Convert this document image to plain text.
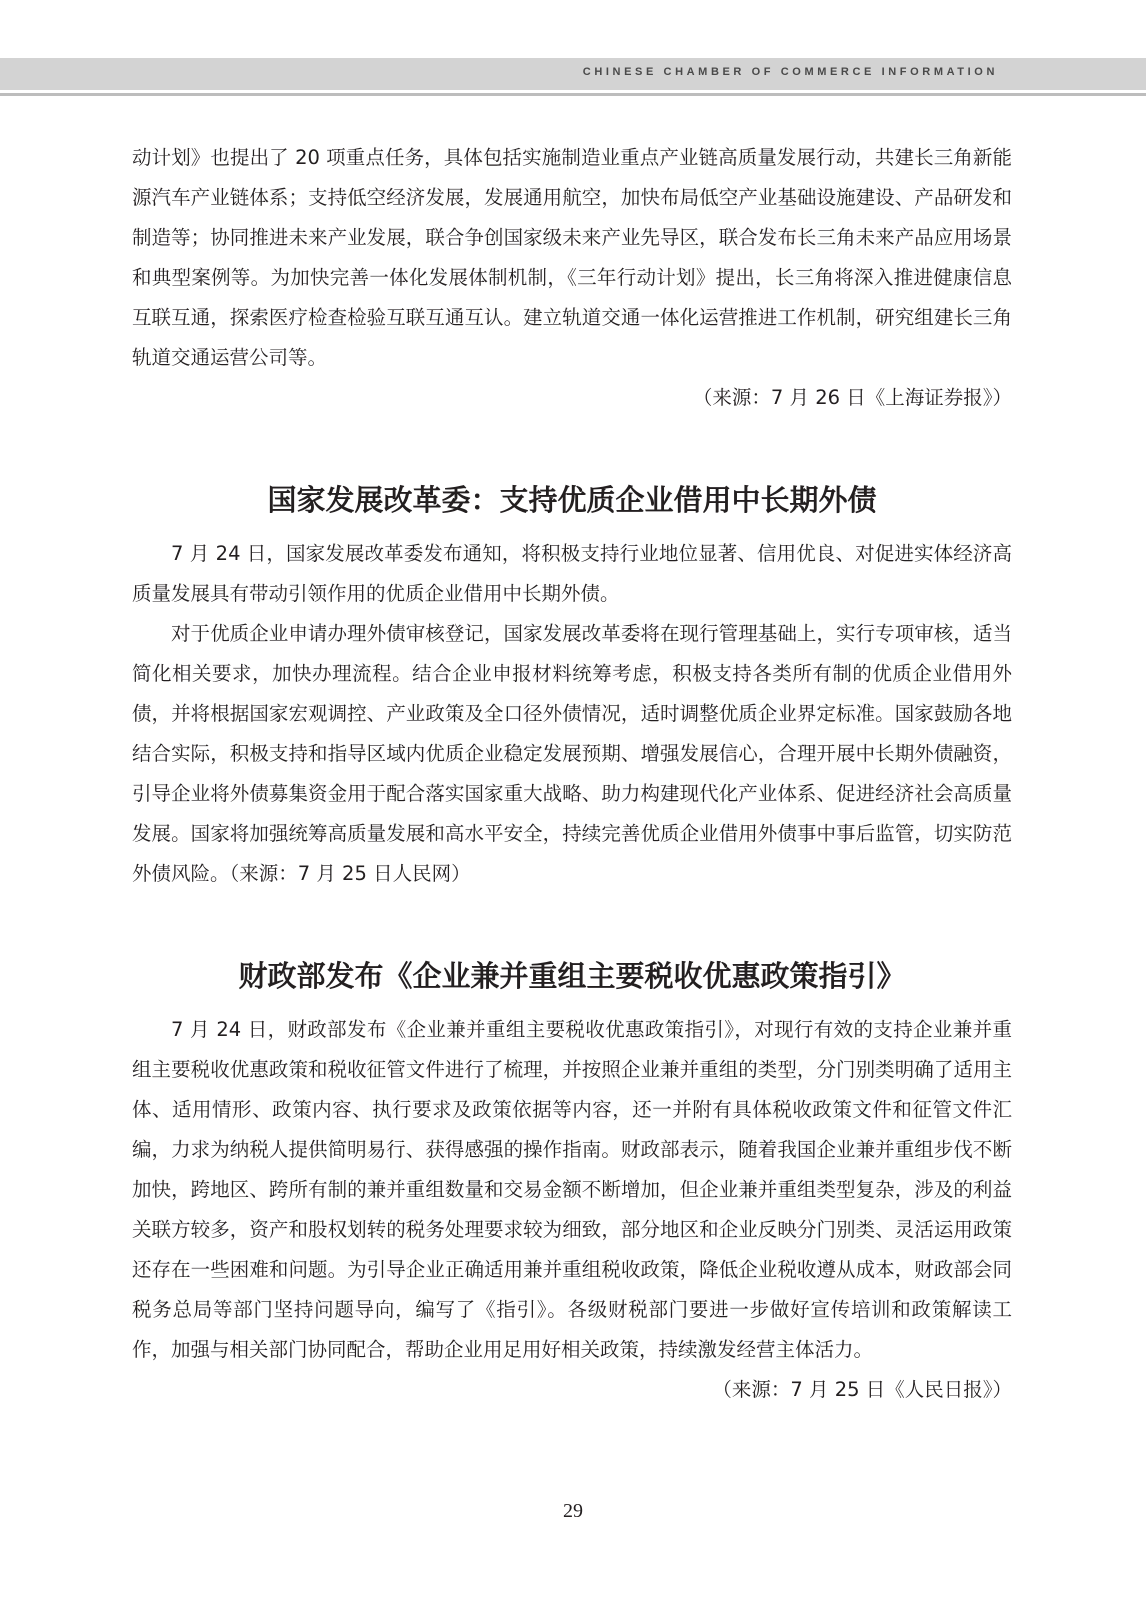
CHINESE CHAMBER OF COMMERCE INFORMATION

动计划》也提出了 20 项重点任务，具体包括实施制造业重点产业链高质量发展行动，共建长三角新能源汽车产业链体系；支持低空经济发展，发展通用航空，加快布局低空产业基础设施建设、产品研发和制造等；协同推进未来产业发展，联合争创国家级未来产业先导区，联合发布长三角未来产品应用场景和典型案例等。为加快完善一体化发展体制机制，《三年行动计划》提出，长三角将深入推进健康信息互联互通，探索医疗检查检验互联互通互认。建立轨道交通一体化运营推进工作机制，研究组建长三角轨道交通运营公司等。

（来源：7 月 26 日《上海证券报》）

国家发展改革委：支持优质企业借用中长期外债

7 月 24 日，国家发展改革委发布通知，将积极支持行业地位显著、信用优良、对促进实体经济高质量发展具有带动引领作用的优质企业借用中长期外债。

对于优质企业申请办理外债审核登记，国家发展改革委将在现行管理基础上，实行专项审核，适当简化相关要求，加快办理流程。结合企业申报材料统筹考虑，积极支持各类所有制的优质企业借用外债，并将根据国家宏观调控、产业政策及全口径外债情况，适时调整优质企业界定标准。国家鼓励各地结合实际，积极支持和指导区域内优质企业稳定发展预期、增强发展信心，合理开展中长期外债融资，引导企业将外债募集资金用于配合落实国家重大战略、助力构建现代化产业体系、促进经济社会高质量发展。国家将加强统筹高质量发展和高水平安全，持续完善优质企业借用外债事中事后监管，切实防范外债风险。（来源：7 月 25 日人民网）

财政部发布《企业兼并重组主要税收优惠政策指引》

7 月 24 日，财政部发布《企业兼并重组主要税收优惠政策指引》，对现行有效的支持企业兼并重组主要税收优惠政策和税收征管文件进行了梳理，并按照企业兼并重组的类型，分门别类明确了适用主体、适用情形、政策内容、执行要求及政策依据等内容，还一并附有具体税收政策文件和征管文件汇编，力求为纳税人提供简明易行、获得感强的操作指南。财政部表示，随着我国企业兼并重组步伐不断加快，跨地区、跨所有制的兼并重组数量和交易金额不断增加，但企业兼并重组类型复杂，涉及的利益关联方较多，资产和股权划转的税务处理要求较为细致，部分地区和企业反映分门别类、灵活运用政策还存在一些困难和问题。为引导企业正确适用兼并重组税收政策，降低企业税收遵从成本，财政部会同税务总局等部门坚持问题导向，编写了《指引》。各级财税部门要进一步做好宣传培训和政策解读工作，加强与相关部门协同配合，帮助企业用足用好相关政策，持续激发经营主体活力。

（来源：7 月 25 日《人民日报》）

29
